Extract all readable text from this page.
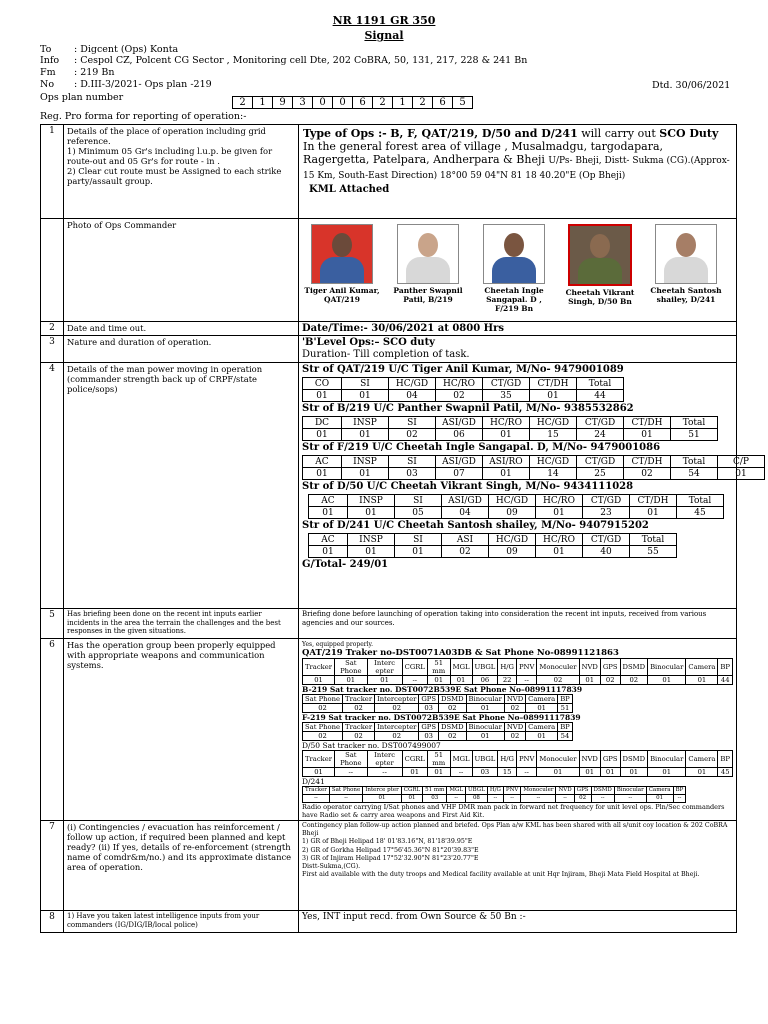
NR 1191 GR 350
Signal
To : Digcent (Ops) Konta
Info : Cespol CZ, Polcent CG Sector , Monitoring cell Dte, 202 CoBRA, 50, 131, 217, 228 & 241 Bn
Fm : 219 Bn
No : D.III-3/2021- Ops plan -219	Dtd. 30/06/2021
Ops plan number	2	1	9	3	0	0	6	2	1	2	6	5
Reg. Pro forma for reporting of operation:-
1	Details of the place of operation including grid reference.
1) Minimum 05 Gr's including l.u.p. be given for route-out and 05 Gr's for route - in .
2) Clear cut route must be Assigned to each strike party/assault group.
	Type of Ops :- B, F, QAT/219, D/50 and D/241 will carry out SCO Duty In the general forest area of village , Musalmadgu, targodapara, Ragergetta, Patelpara, Andherpara & Bheji U/Ps- Bheji, Distt- Sukma (CG).(Approx- 15 Km, South-East Direction) 18°00 59 04"N 81 18 40.20"E (Op Bheji)
KML Attached

	Photo of Ops Commander	
Tiger Anil Kumar, QAT/219
Panther Swapnil Patil, B/219
Cheetah Ingle Sangapal. D , F/219 Bn
Cheetah Vikrant Singh, D/50 Bn
Cheetah Santosh shailey, D/241

2	Date and time out.	Date/Time:- 30/06/2021 at 0800 Hrs
3	Nature and duration of operation.	'B'Level Ops:– SCO duty
Duration- Till completion of task.

4	Details of the man power moving in operation (commander strength back up of CRPF/state police/sops)	
Str of QAT/219 U/C Tiger Anil Kumar, M/No- 9479001089
CO	SI	HC/GD	HC/RO	CT/GD	CT/DH	Total
01	01	04	02	35	01	44
Str of B/219 U/C Panther Swapnil Patil, M/No- 9385532862
DC	INSP	SI	ASI/GD	HC/RO	HC/GD	CT/GD	CT/DH	Total
01	01	02	06	01	15	24	01	51
Str of F/219 U/C Cheetah Ingle Sangapal. D, M/No- 9479001086
AC	INSP	SI	ASI/GD	ASI/RO	HC/GD	CT/GD	CT/DH	Total	C/P
01	01	03	07	01	14	25	02	54	01
Str of D/50 U/C Cheetah Vikrant Singh, M/No- 9434111028
AC	INSP	SI	ASI/GD	HC/GD	HC/RO	CT/GD	CT/DH	Total
01	01	05	04	09	01	23	01	45
Str of D/241 U/C Cheetah Santosh shailey, M/No- 9407915202
AC	INSP	SI	ASI	HC/GD	HC/RO	CT/GD	Total
01	01	01	02	09	01	40	55
G/Total- 249/01

5	Has briefing been done on the recent int inputs earlier incidents in the area the terrain the challenges and the best responses in the given situations.	Briefing done before launching of operation taking into consideration the recent int inputs, received from various agencies and our sources.
6	Has the operation group been properly equipped with appropriate weapons and communication systems.	
Yes, equipped properly.
QAT/219 Traker no-DST0071A03DB & Sat Phone No-08991121863
Tracker	Sat Phone	Interc epter	CGRL	51 mm	MGL	UBGL	H/G	PNV	Monoculer	NVD	GPS	DSMD	Binocular	Camera	BP
01	01	01	--	01	01	06	22	--	02	01	02	02	01	01	44
B-219 Sat tracker no. DST0072B539E Sat Phone No–08991117839
Sat Phone	Tracker	Intercepter	GPS	DSMD	Binocular	NVD	Camera	BP
02	02	02	03	02	01	02	01	51
F-219 Sat tracker no. DST0072B539E Sat Phone No–08991117839
Sat Phone	Tracker	Intercepter	GPS	DSMD	Binocular	NVD	Camera	BP
02	02	02	03	02	01	02	01	54
D/50 Sat tracker no. DST007499007
Tracker	Sat Phone	Interc epter	CGRL	51 mm	MGL	UBGL	H/G	PNV	Monoculer	NVD	GPS	DSMD	Binocular	Camera	BP
01	--	--	01	01	--	03	15	--	01	01	01	01	01	01	45
D/241
Tracker	Sat Phone	Interce pter	CGRL	51 mm	MGL	UBGL	H/G	PNV	Monoculer	NVD	GPS	DSMD	Binocular	Camera	BP
--	--	01	01	03	--	08	--	--	--	--	02	--	--	01	--
Radio operator carrying I/Sat phones and VHF DMR man pack in forward net frequency for unit level ops. Pln/Sec commanders have Radio set & carry area weapons and First Aid Kit.

7	(i) Contingencies / evacuation has reinforcement / follow up action, if required been planned and kept ready? (ii) If yes, details of re-enforcement (strength name of comdr&m/no.) and its approximate distance area of operation.	
Contingency plan follow-up action planned and briefed. Ops Plan a/w KML has been shared with all s/unit coy location & 202 CoBRA Bheji
1) GR of Bheji Helipad 18' 01'83.16"N, 81'18'39.95"E
2) GR of Gorkha Helipad 17°56'45.36"N 81°20'39.83"E
3) GR of Injiram Helipad 17°52'32.90"N 81°23'20.77"E
Distt-Sukma,(CG).
First aid available with the duty troops and Medical facility available at unit Hqr Injiram, Bheji Mata Field Hospital at Bheji.

8	1) Have you taken latest intelligence inputs from your commanders (IG/DIG/IB/local police)	Yes, INT input recd. from Own Source & 50 Bn :-
